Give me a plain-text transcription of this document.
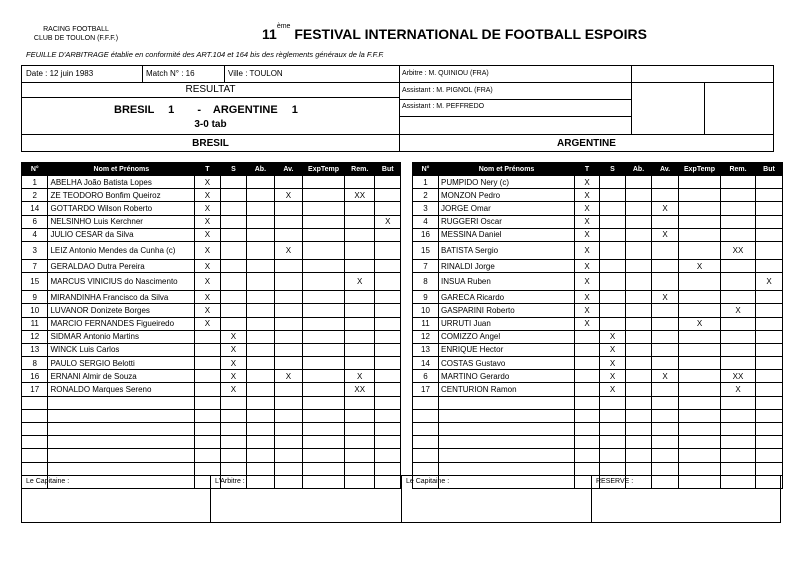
RACING FOOTBALL
CLUB DE TOULON (F.F.F.)	11ème FESTIVAL INTERNATIONAL DE FOOTBALL ESPOIRS
FEUILLE D'ARBITRAGE établie en conformité des ART.104 et 164 bis des règlements généraux de la F.F.F.
Date : 12 juin 1983	Match N° : 16	Ville : TOULON	Arbitre : M. QUINIOU (FRA)
Assistant : M. PIGNOL (FRA)
Assistant : M. PEFFREDO
RESULTAT
BRESIL 1 - ARGENTINE 1
3-0 tab
BRESIL	ARGENTINE
N°	Nom et Prénoms	T	S	Ab.	Av.	ExpTemp	Rem.	But
1	ABELHA João Batista Lopes	X						
2	ZE TEODORO Bonfim Queiroz	X			X		XX	
14	GOTTARDO Wilson Roberto	X						
6	NELSINHO Luis Kerchner	X						X
4	JULIO CESAR da Silva	X						
3	LEIZ Antonio Mendes da Cunha (c)	X			X			
7	GERALDAO Dutra Pereira	X						
15	MARCUS VINICIUS do Nascimento	X					X	
9	MIRANDINHA Francisco da Silva	X						
10	LUVANOR Donizete Borges	X						
11	MARCIO FERNANDES Figueiredo	X						
12	SIDMAR Antonio Martins		X					
13	WINCK Luis Carlos		X					
8	PAULO SERGIO Belotti		X					
16	ERNANI Almir de Souza		X		X		X	
17	RONALDO Marques Sereno		X				XX	

N°	Nom et Prénoms	T	S	Ab.	Av.	ExpTemp	Rem.	But
1	PUMPIDO Nery (c)	X						
2	MONZON Pedro	X						
3	JORGE Omar	X			X			
4	RUGGERI Oscar	X						
16	MESSINA Daniel	X			X			
15	BATISTA Sergio	X					XX	
7	RINALDI Jorge	X				X		
8	INSUA Ruben	X						X
9	GARECA Ricardo	X			X			
10	GASPARINI Roberto	X					X	
11	URRUTI Juan	X				X		
12	COMIZZO Angel		X					
13	ENRIQUE Hector		X					
14	COSTAS Gustavo		X					
6	MARTINO Gerardo		X		X		XX	
17	CENTURION Ramon		X				X	

Le Capitaine :	L'Arbitre :	Le Capitaine :	RESERVE :
